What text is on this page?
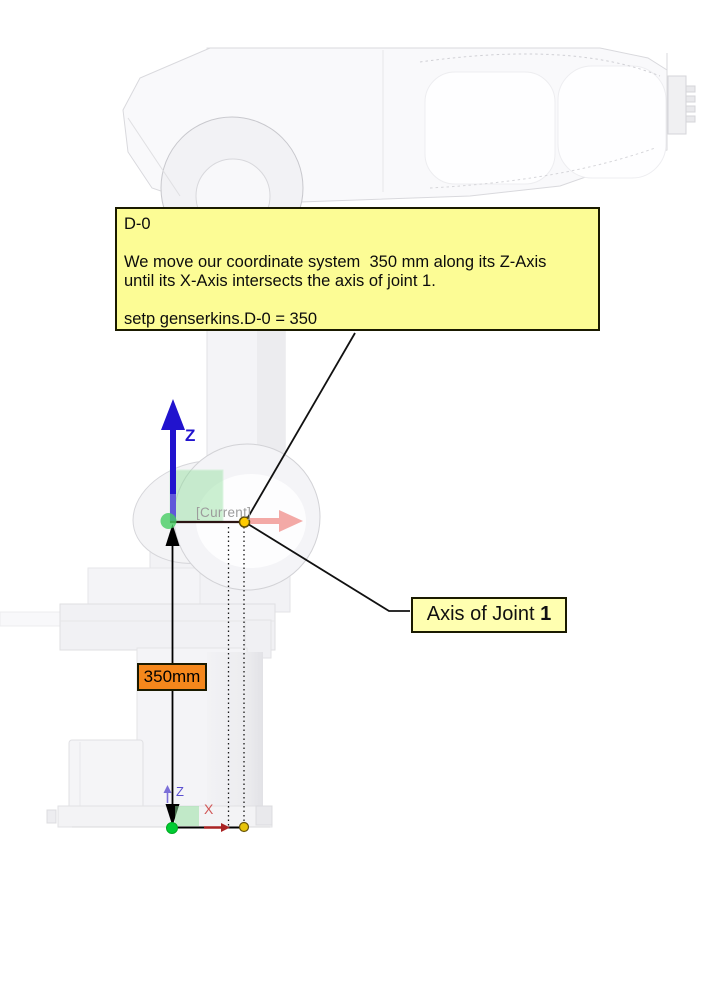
D-0
We move our coordinate system  350 mm along its Z-Axis
until its X-Axis intersects the axis of joint 1.
setp genserkins.D-0 = 350
Axis of Joint 1
350mm
[Current]
Z
Z
X
